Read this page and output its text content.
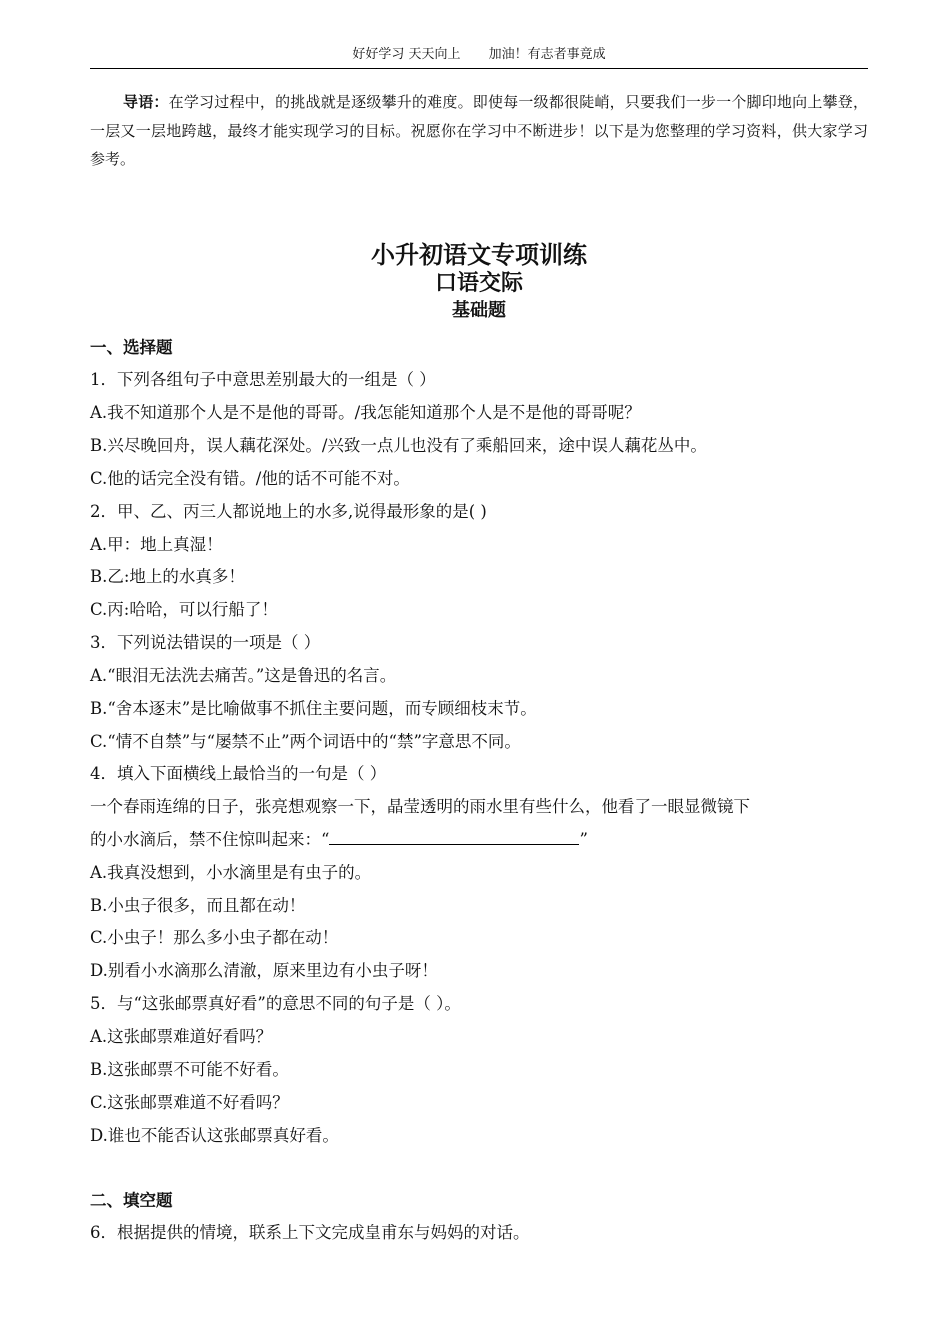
好好学习 天天向上 加油！有志者事竟成
导语：在学习过程中，的挑战就是逐级攀升的难度。即使每一级都很陡峭，只要我们一步一个脚印地向上攀登，一层又一层地跨越，最终才能实现学习的目标。祝愿你在学习中不断进步！以下是为您整理的学习资料，供大家学习参考。
小升初语文专项训练
口语交际
基础题
一、选择题
1．下列各组句子中意思差别最大的一组是（ ）
A.我不知道那个人是不是他的哥哥。/我怎能知道那个人是不是他的哥哥呢？
B.兴尽晚回舟，误人藕花深处。/兴致一点儿也没有了乘船回来，途中误人藕花丛中。
C.他的话完全没有错。/他的话不可能不对。
2．甲、乙、丙三人都说地上的水多,说得最形象的是( )
A.甲：地上真湿！
B.乙:地上的水真多！
C.丙:哈哈，可以行船了！
3．下列说法错误的一项是（ ）
A.“眼泪无法洗去痛苦。”这是鲁迅的名言。
B.“舍本逐末”是比喻做事不抓住主要问题，而专顾细枝末节。
C.“情不自禁”与“屡禁不止”两个词语中的“禁”字意思不同。
4．填入下面横线上最恰当的一句是（ ）
一个春雨连绵的日子，张亮想观察一下，晶莹透明的雨水里有些什么，他看了一眼显微镜下
的小水滴后，禁不住惊叫起来：“	”
A.我真没想到，小水滴里是有虫子的。
B.小虫子很多，而且都在动！
C.小虫子！那么多小虫子都在动！
D.别看小水滴那么清澈，原来里边有小虫子呀！
5．与“这张邮票真好看”的意思不同的句子是（ ）。
A.这张邮票难道好看吗？
B.这张邮票不可能不好看。
C.这张邮票难道不好看吗？
D.谁也不能否认这张邮票真好看。
二、填空题
6．根据提供的情境，联系上下文完成皇甫东与妈妈的对话。
